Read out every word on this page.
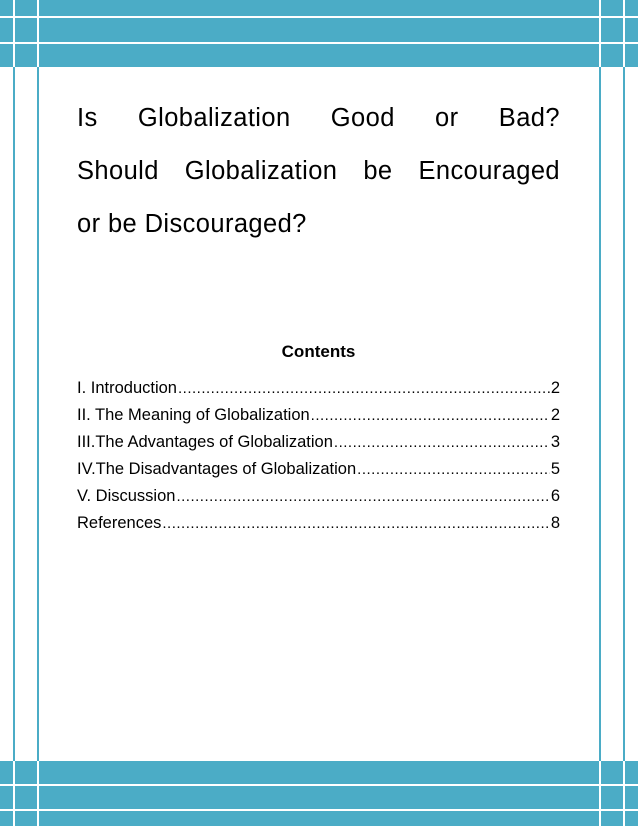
Is Globalization Good or Bad?
Should Globalization be Encouraged
or be Discouraged?
Contents
I. Introduction .....	2
II. The Meaning of Globalization .....	2
III.The Advantages of Globalization .....	3
IV.The Disadvantages of Globalization .....	5
V. Discussion .....	6
References .....	8
